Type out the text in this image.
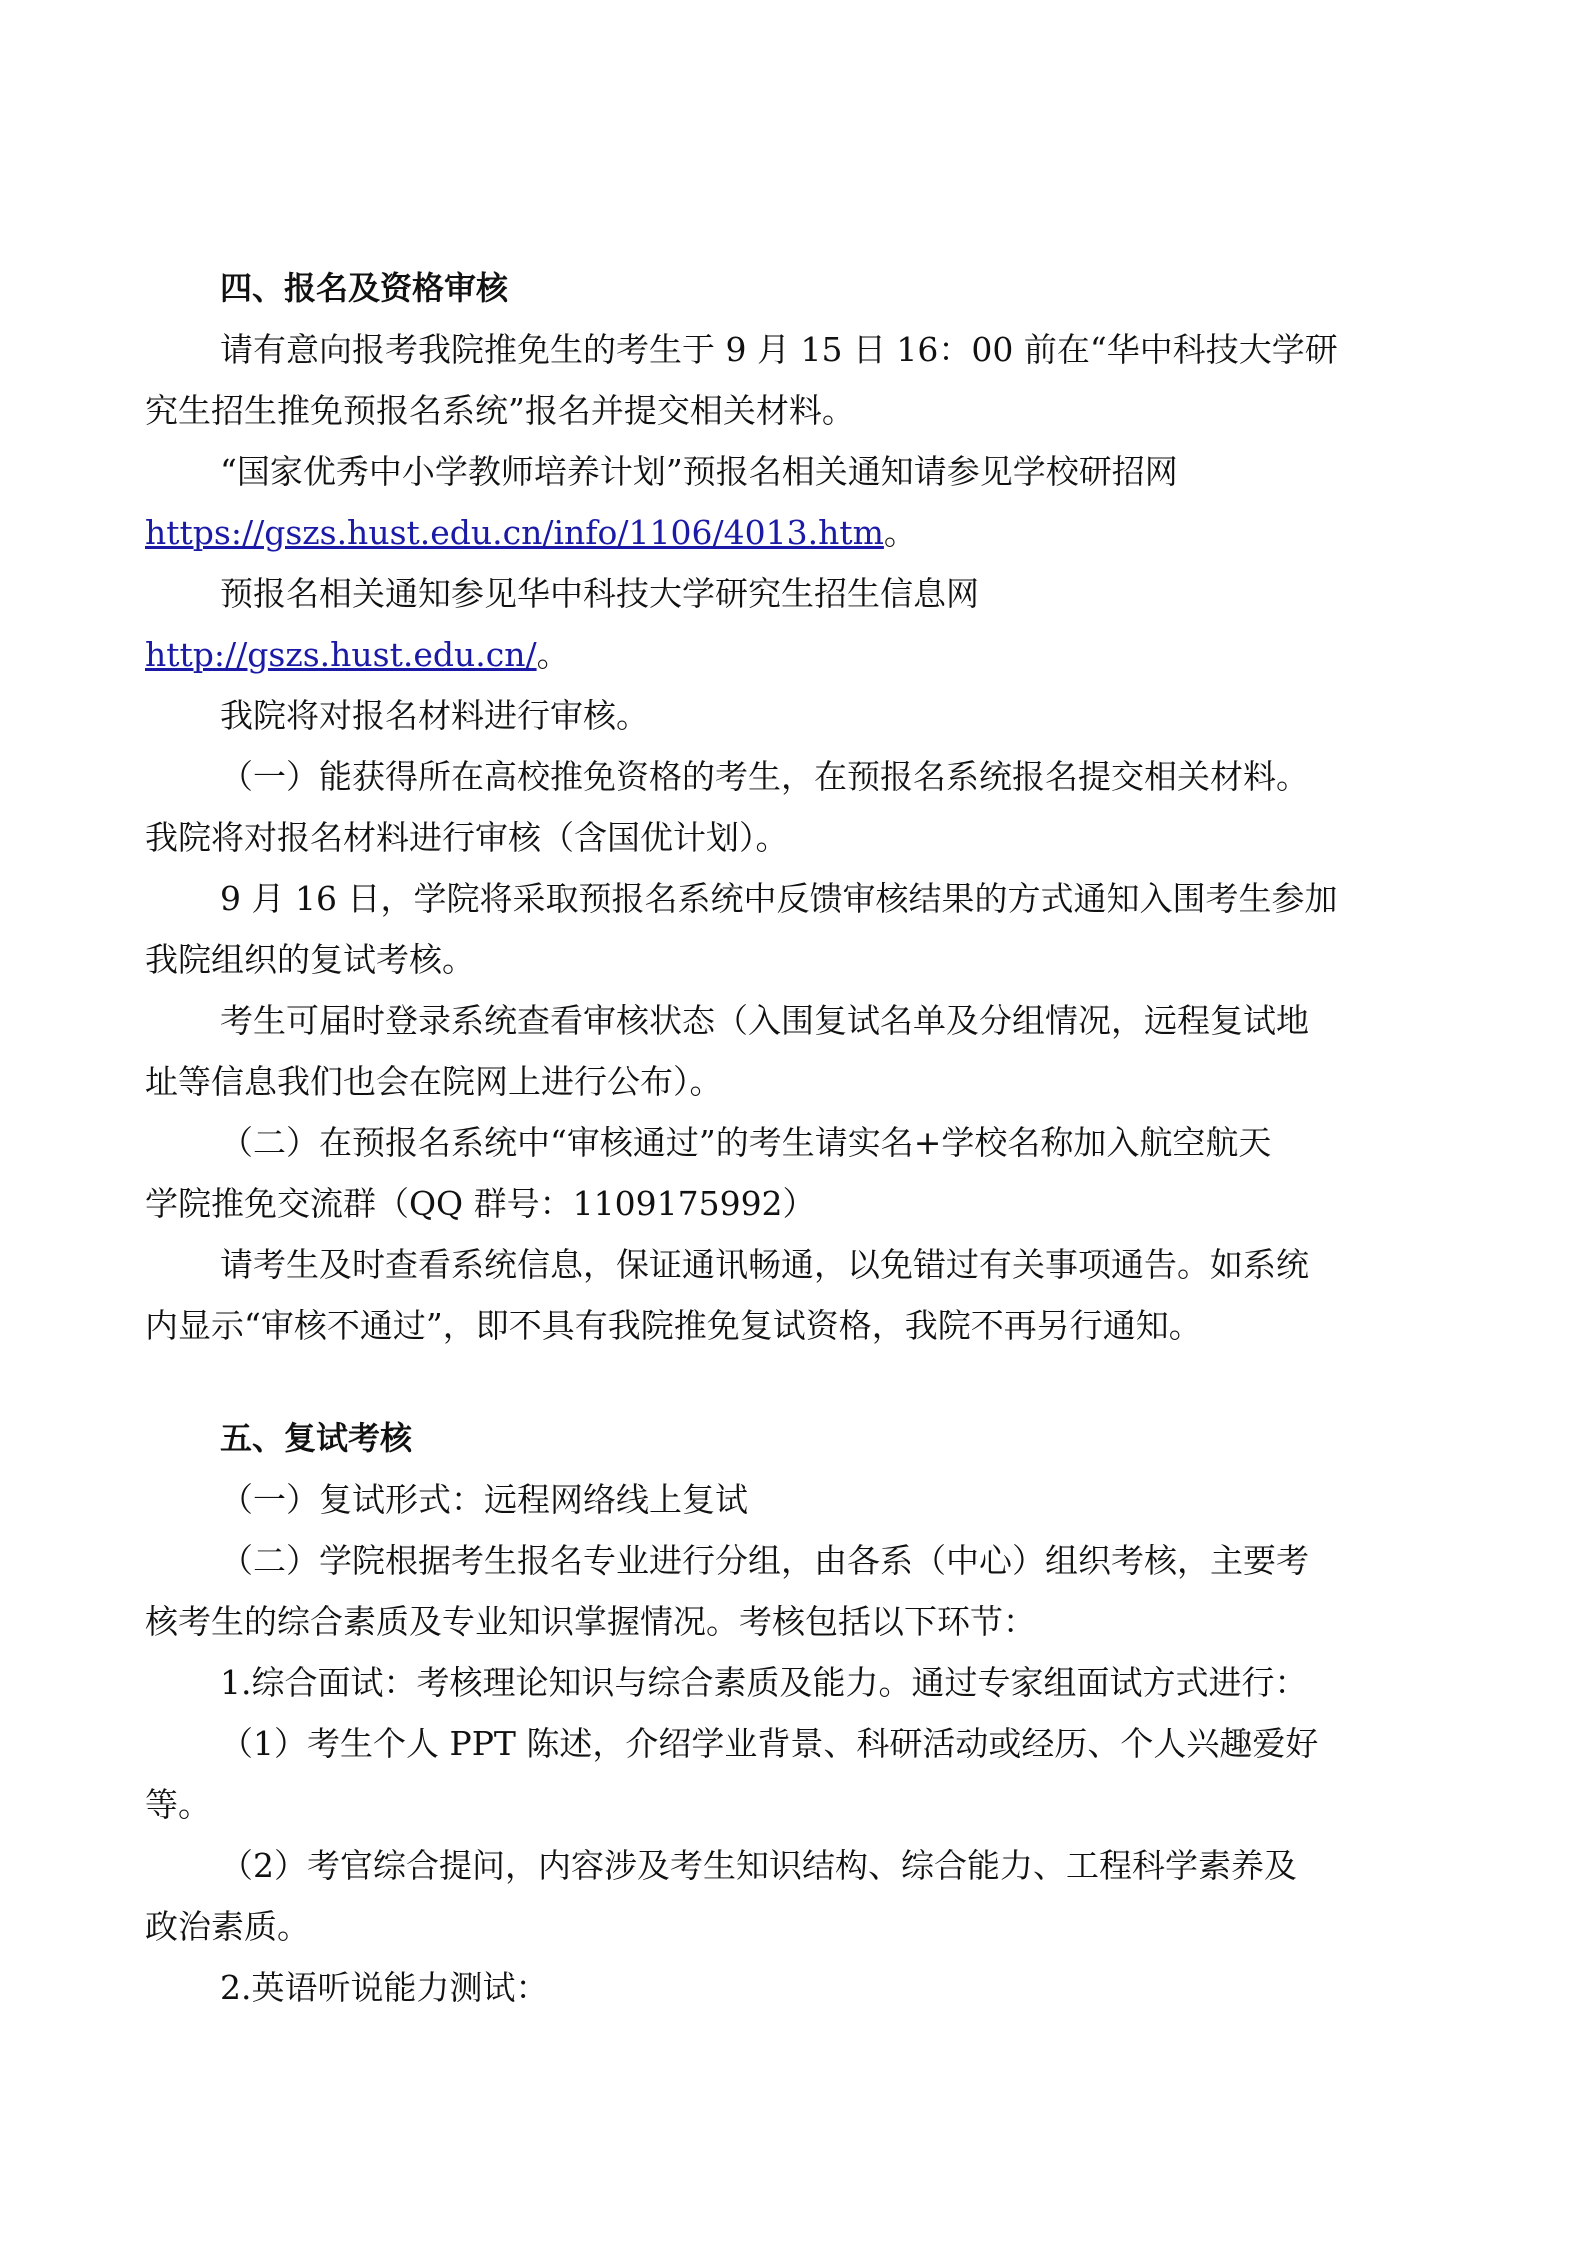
四、报名及资格审核
请有意向报考我院推免生的考生于 9 月 15 日 16：00 前在“华中科技大学研
究生招生推免预报名系统”报名并提交相关材料。
“国家优秀中小学教师培养计划”预报名相关通知请参见学校研招网
https://gszs.hust.edu.cn/info/1106/4013.htm。
预报名相关通知参见华中科技大学研究生招生信息网
http://gszs.hust.edu.cn/。
我院将对报名材料进行审核。
（一）能获得所在高校推免资格的考生，在预报名系统报名提交相关材料。
我院将对报名材料进行审核（含国优计划）。
9 月 16 日，学院将采取预报名系统中反馈审核结果的方式通知入围考生参加
我院组织的复试考核。
考生可届时登录系统查看审核状态（入围复试名单及分组情况，远程复试地
址等信息我们也会在院网上进行公布）。
（二）在预报名系统中“审核通过”的考生请实名+学校名称加入航空航天
学院推免交流群（QQ 群号：1109175992）
请考生及时查看系统信息，保证通讯畅通，以免错过有关事项通告。如系统
内显示“审核不通过”，即不具有我院推免复试资格，我院不再另行通知。
五、复试考核
（一）复试形式：远程网络线上复试
（二）学院根据考生报名专业进行分组，由各系（中心）组织考核，主要考
核考生的综合素质及专业知识掌握情况。考核包括以下环节：
1.综合面试：考核理论知识与综合素质及能力。通过专家组面试方式进行：
（1）考生个人 PPT 陈述，介绍学业背景、科研活动或经历、个人兴趣爱好
等。
（2）考官综合提问，内容涉及考生知识结构、综合能力、工程科学素养及
政治素质。
2.英语听说能力测试：
